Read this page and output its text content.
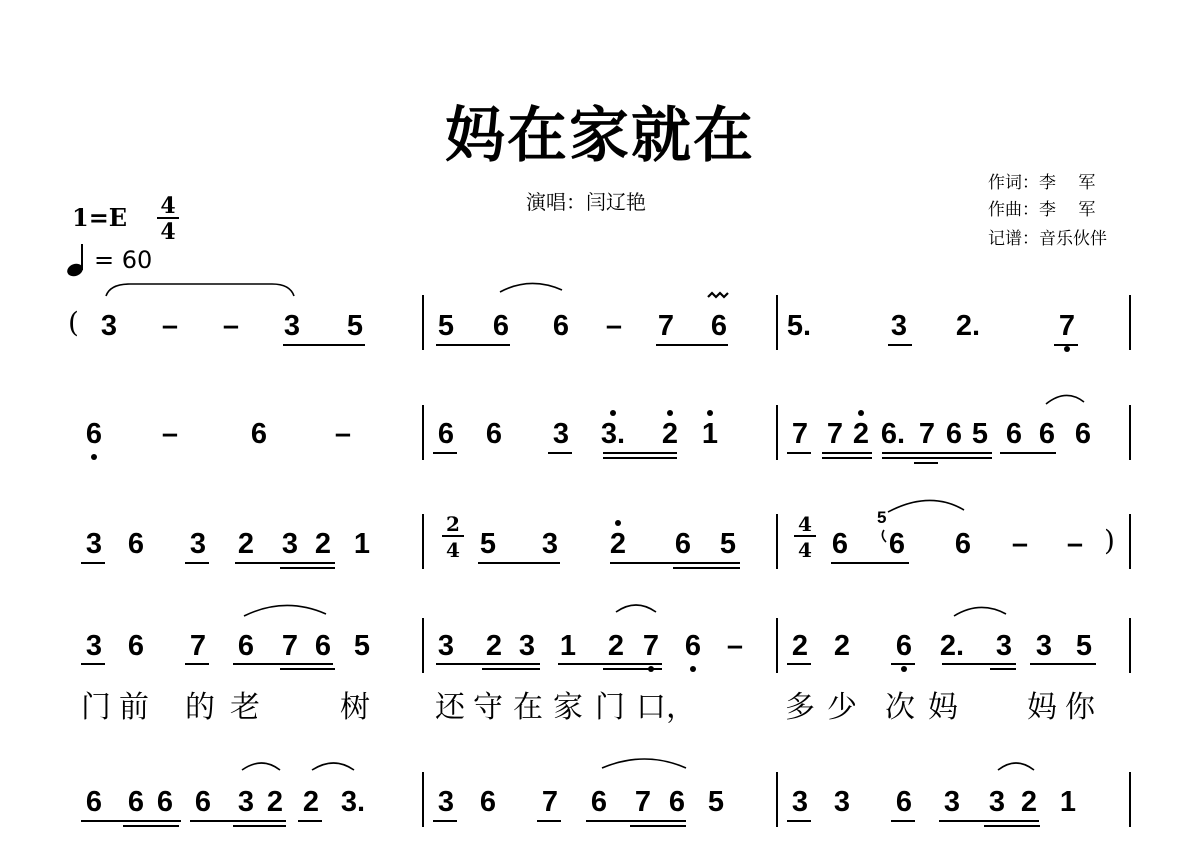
妈在家就在
演唱：闫辽艳
作词：李　 军
作曲：李　 军
记谱：音乐伙伴
1=E 4
4
= 60
(
)
2
4
4
4
5
3 – – 3 5	5 6 6 – 7 6 5.	3 2.	7
6 –	6 –	6 6 3 3. 2 1	7 7 2 6. 7 6 5 6 6 6
3 6 3 2 3 2 1	5 3 2 6 5	6 6 6 – –
3 6 7 6 7 6 5 3 2 3 1 2 7 6 – 2 2 6 2. 3 3 5
6 6 6 6 3 2 2 3.	3 6 7 6 7 6 5 3 3 6 3 3 2 1
门 前 的 老	树 还 守 在 家 门 口，	多 少 次 妈 妈 你
